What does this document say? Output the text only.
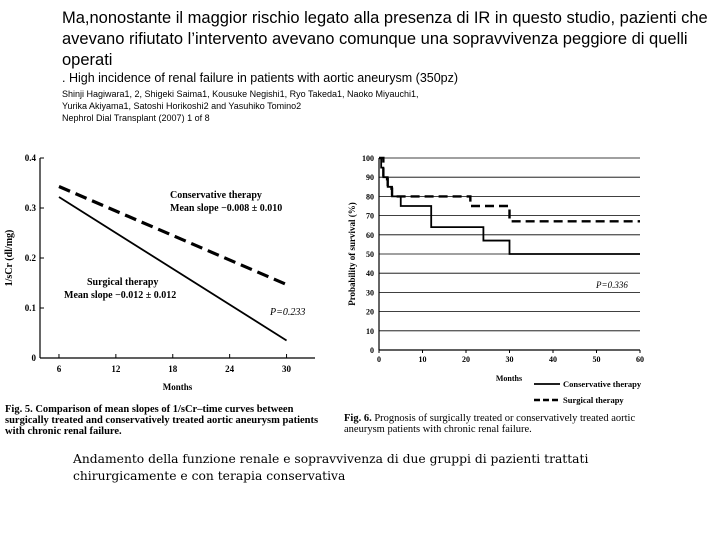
Ma,nonostante il maggior rischio legato alla presenza di IR in questo studio, pazienti che avevano rifiutato l’intervento avevano comunque una sopravvivenza peggiore di quelli operati
. High incidence of renal failure in patients with aortic aneurysm (350pz)
Shinji Hagiwara1, 2, Shigeki Saima1, Kousuke Negishi1, Ryo Takeda1, Naoko Miyauchi1,
Yurika Akiyama1, Satoshi Horikoshi2 and Yasuhiko Tomino2
Nephrol Dial Transplant (2007) 1 of 8
0
0.1
0.2
0.3
0.4
6	12	18	24	30
Months
1/sCr (dl/mg)
Conservative therapy
Mean slope −0.008 ± 0.010
Surgical therapy
Mean slope −0.012 ± 0.012
P=0.233
0
10
20
30
40
50
60
70
80
90
100
0	10	20	30	40	50	60
Months
Probability of survival (%)	P=0.336
Conservative therapy
Surgical therapy
Fig. 5. Comparison of mean slopes of 1/sCr–time curves between surgically treated and conservatively treated aortic aneurysm patients with chronic renal failure.
Fig. 6. Prognosis of surgically treated or conservatively treated aortic aneurysm patients with chronic renal failure.
Andamento della funzione renale e sopravvivenza di due gruppi di pazienti trattati chirurgicamente e con terapia conservativa
